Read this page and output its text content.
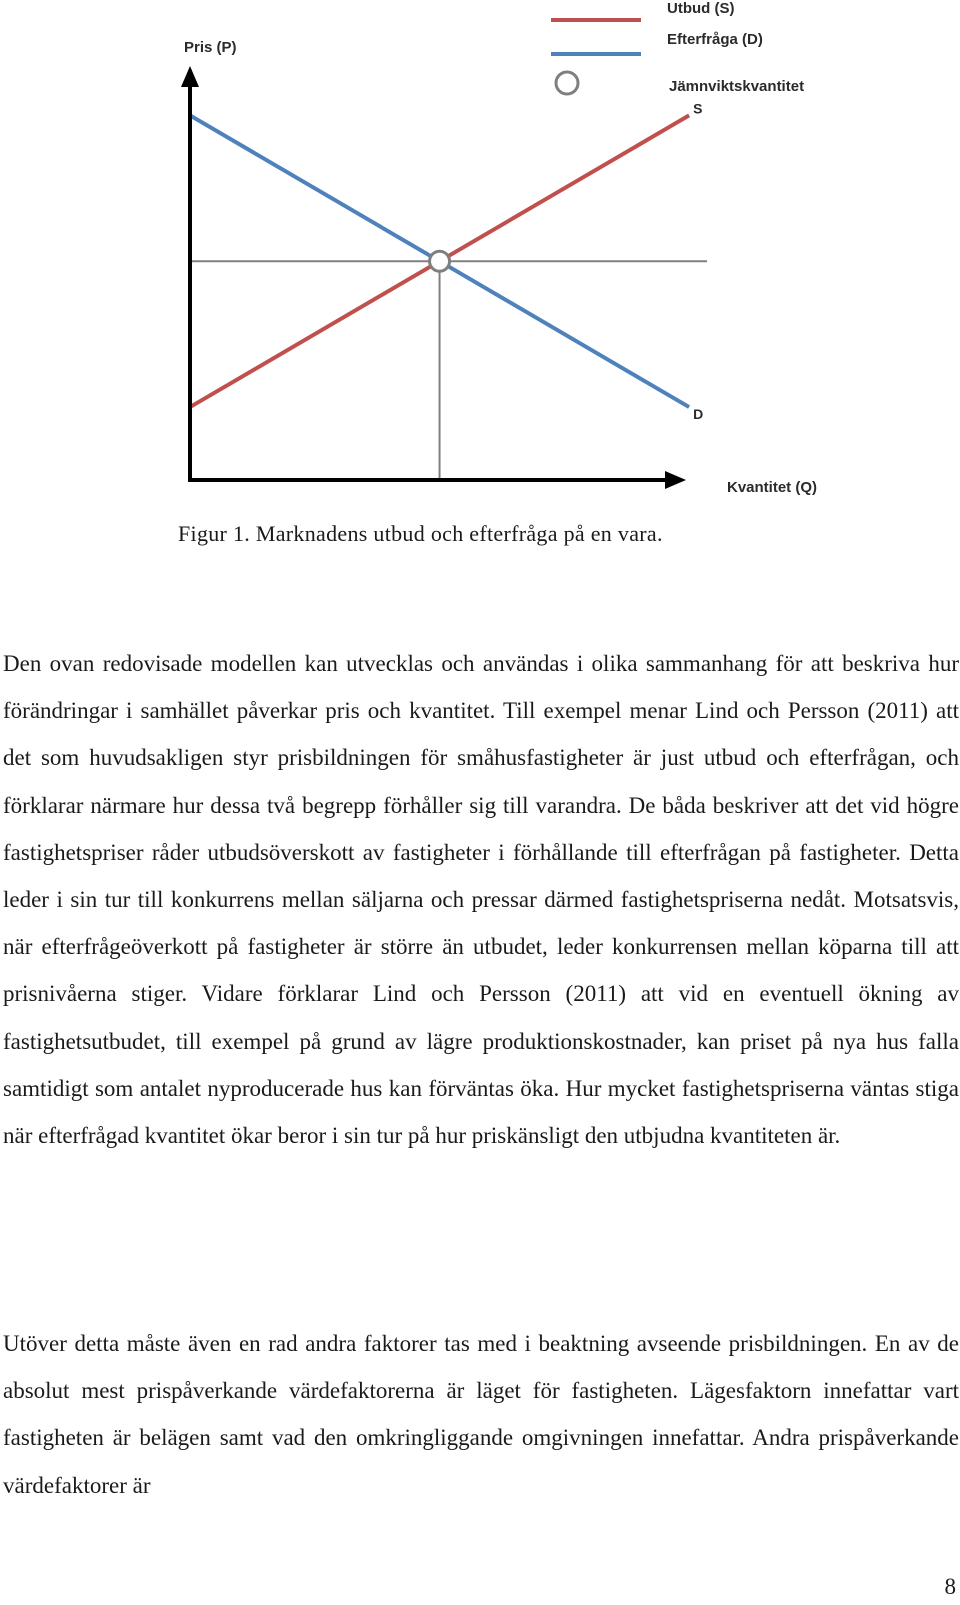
Utbud (S)
Efterfråga (D)
Jämnviktskvantitet
Pris (P)
Kvantitet (Q)
S
D
Figur 1. Marknadens utbud och efterfråga på en vara.

Den ovan redovisade modellen kan utvecklas och användas i olika sammanhang för att beskriva hur förändringar i samhället påverkar pris och kvantitet. Till exempel menar Lind och Persson (2011) att det som huvudsakligen styr prisbildningen för småhusfastigheter är just utbud och efterfrågan, och förklarar närmare hur dessa två begrepp förhåller sig till varandra. De båda beskriver att det vid högre fastighetspriser råder utbudsöverskott av fastigheter i förhållande till efterfrågan på fastigheter. Detta leder i sin tur till konkurrens mellan säljarna och pressar därmed fastighetspriserna nedåt. Motsatsvis, när efterfrågeöverkott på fastigheter är större än utbudet, leder konkurrensen mellan köparna till att prisnivåerna stiger. Vidare förklarar Lind och Persson (2011) att vid en eventuell ökning av fastighetsutbudet, till exempel på grund av lägre produktionskostnader, kan priset på nya hus falla samtidigt som antalet nyproducerade hus kan förväntas öka. Hur mycket fastighetspriserna väntas stiga när efterfrågad kvantitet ökar beror i sin tur på hur priskänsligt den utbjudna kvantiteten är.

Utöver detta måste även en rad andra faktorer tas med i beaktning avseende prisbildningen. En av de absolut mest prispåverkande värdefaktorerna är läget för fastigheten. Lägesfaktorn innefattar vart fastigheten är belägen samt vad den omkringliggande omgivningen innefattar. Andra prispåverkande värdefaktorer är

8
